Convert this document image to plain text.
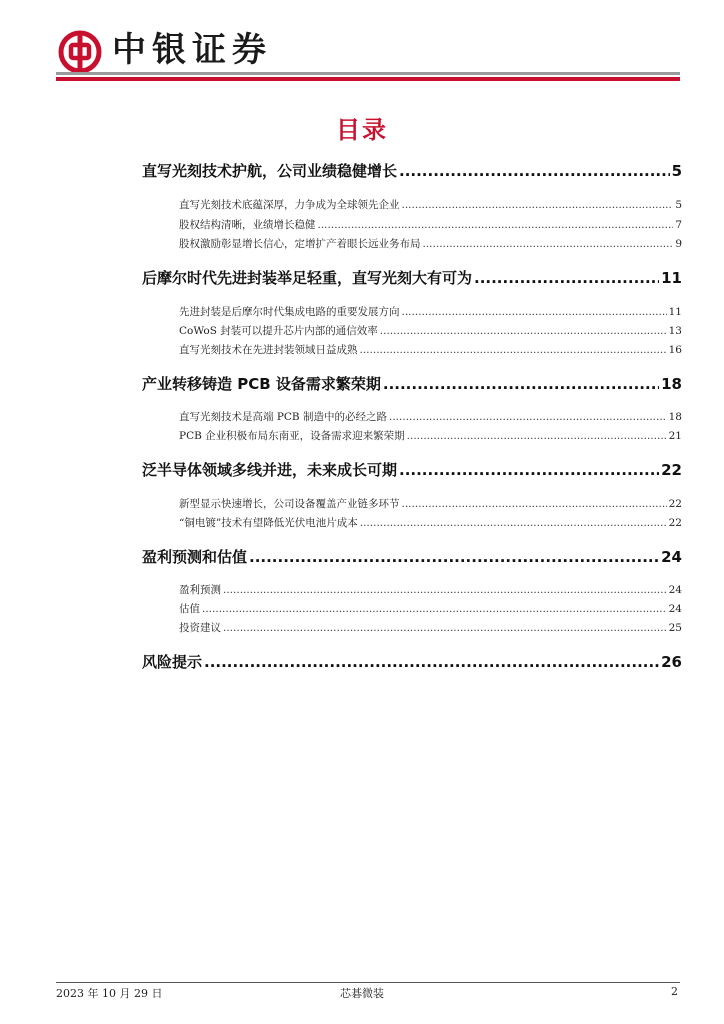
中银证券
目录
直写光刻技术护航，公司业绩稳健增长 .....	5
直写光刻技术底蕴深厚，力争成为全球领先企业 .....	5
股权结构清晰，业绩增长稳健 .....	7
股权激励彰显增长信心，定增扩产着眼长远业务布局 .....	9
后摩尔时代先进封装举足轻重，直写光刻大有可为 .....	11
先进封装是后摩尔时代集成电路的重要发展方向 .....	11
CoWoS 封装可以提升芯片内部的通信效率 .....	13
直写光刻技术在先进封装领域日益成熟 .....	16
产业转移铸造 PCB 设备需求繁荣期 .....	18
直写光刻技术是高端 PCB 制造中的必经之路 .....	18
PCB 企业积极布局东南亚，设备需求迎来繁荣期 .....	21
泛半导体领域多线并进，未来成长可期 .....	22
新型显示快速增长，公司设备覆盖产业链多环节 .....	22
“铜电镀”技术有望降低光伏电池片成本 .....	22
盈利预测和估值 .....	24
盈利预测 .....	24
估值 .....	24
投资建议 .....	25
风险提示 .....	26
2023 年 10 月 29 日	芯碁微装	2
